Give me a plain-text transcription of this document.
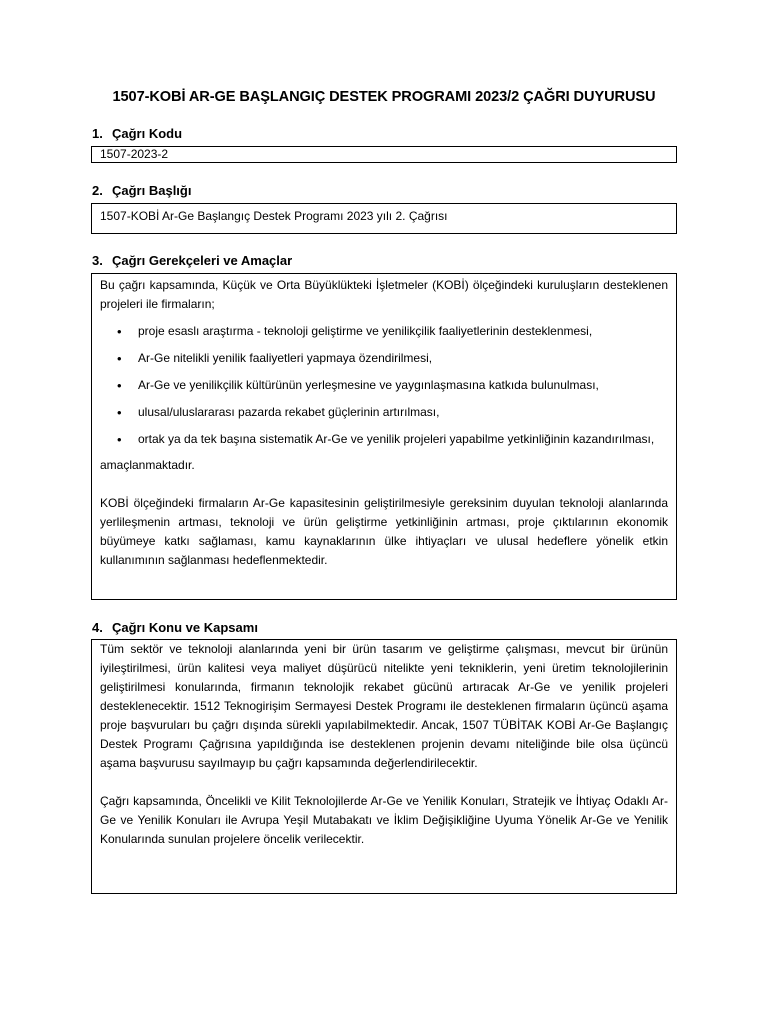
1507-KOBİ AR-GE BAŞLANGIÇ DESTEK PROGRAMI 2023/2 ÇAĞRI DUYURUSU
1. Çağrı Kodu
1507-2023-2
2. Çağrı Başlığı
1507-KOBİ Ar-Ge Başlangıç Destek Programı 2023 yılı 2. Çağrısı
3. Çağrı Gerekçeleri ve Amaçlar
Bu çağrı kapsamında, Küçük ve Orta Büyüklükteki İşletmeler (KOBİ) ölçeğindeki kuruluşların desteklenen projeleri ile firmaların;
• proje esaslı araştırma - teknoloji geliştirme ve yenilikçilik faaliyetlerinin desteklenmesi,
• Ar-Ge nitelikli yenilik faaliyetleri yapmaya özendirilmesi,
• Ar-Ge ve yenilikçilik kültürünün yerleşmesine ve yaygınlaşmasına katkıda bulunulması,
• ulusal/uluslararası pazarda rekabet güçlerinin artırılması,
• ortak ya da tek başına sistematik Ar-Ge ve yenilik projeleri yapabilme yetkinliğinin kazandırılması,
amaçlanmaktadır.
KOBİ ölçeğindeki firmaların Ar-Ge kapasitesinin geliştirilmesiyle gereksinim duyulan teknoloji alanlarında yerlileşmenin artması, teknoloji ve ürün geliştirme yetkinliğinin artması, proje çıktılarının ekonomik büyümeye katkı sağlaması, kamu kaynaklarının ülke ihtiyaçları ve ulusal hedeflere yönelik etkin kullanımının sağlanması hedeflenmektedir.
4. Çağrı Konu ve Kapsamı
Tüm sektör ve teknoloji alanlarında yeni bir ürün tasarım ve geliştirme çalışması, mevcut bir ürünün iyileştirilmesi, ürün kalitesi veya maliyet düşürücü nitelikte yeni tekniklerin, yeni üretim teknolojilerinin geliştirilmesi konularında, firmanın teknolojik rekabet gücünü artıracak Ar-Ge ve yenilik projeleri desteklenecektir. 1512 Teknogirişim Sermayesi Destek Programı ile desteklenen firmaların üçüncü aşama proje başvuruları bu çağrı dışında sürekli yapılabilmektedir. Ancak, 1507 TÜBİTAK KOBİ Ar-Ge Başlangıç Destek Programı Çağrısına yapıldığında ise desteklenen projenin devamı niteliğinde bile olsa üçüncü aşama başvurusu sayılmayıp bu çağrı kapsamında değerlendirilecektir.
Çağrı kapsamında, Öncelikli ve Kilit Teknolojilerde Ar-Ge ve Yenilik Konuları, Stratejik ve İhtiyaç Odaklı Ar-Ge ve Yenilik Konuları ile Avrupa Yeşil Mutabakatı ve İklim Değişikliğine Uyuma Yönelik Ar-Ge ve Yenilik Konularında sunulan projelere öncelik verilecektir.
